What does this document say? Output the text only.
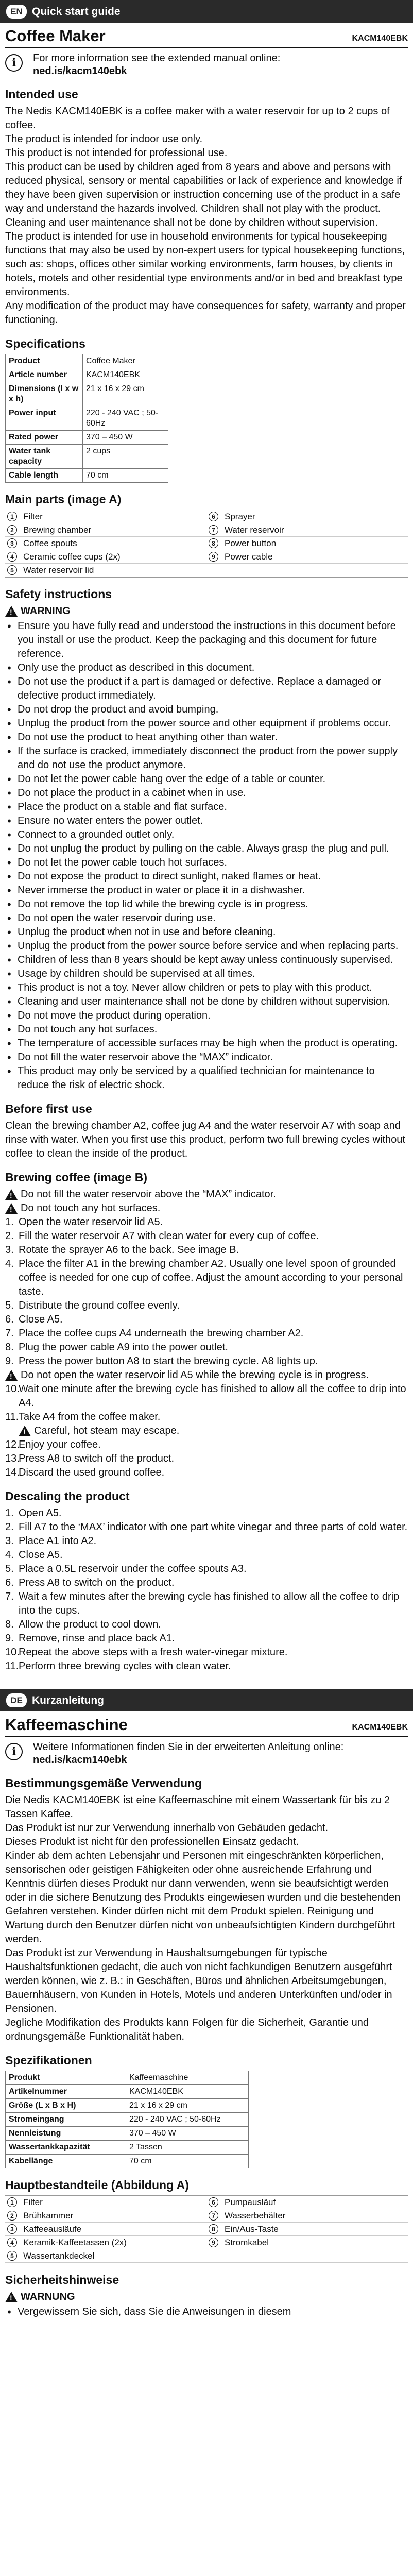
EN Quick start guide
Coffee Maker	KACM140EBK
i	For more information see the extended manual online:
ned.is/kacm140ebk
Intended use

The Nedis KACM140EBK is a coffee maker with a water reservoir for up to 2 cups of coffee.

The product is intended for indoor use only.

This product is not intended for professional use.

This product can be used by children aged from 8 years and above and persons with reduced physical, sensory or mental capabilities or lack of experience and knowledge if they have been given supervision or instruction concerning use of the product in a safe way and understand the hazards involved. Children shall not play with the product. Cleaning and user maintenance shall not be done by children without supervision.

The product is intended for use in household environments for typical housekeeping functions that may also be used by non-expert users for typical housekeeping functions, such as: shops, offices other similar working environments, farm houses, by clients in hotels, motels and other residential type environments and/or in bed and breakfast type environments.

Any modification of the product may have consequences for safety, warranty and proper functioning.

Specifications
Product	Coffee Maker
Article number	KACM140EBK
Dimensions (l x w x h)	21 x 16 x 29 cm
Power input	220 - 240 VAC ; 50-60Hz
Rated power	370 – 450 W
Water tank capacity	2 cups
Cable length	70 cm
Main parts (image A)
1	Filter	6	Sprayer
2	Brewing chamber	7	Water reservoir
3	Coffee spouts	8	Power button
4	Ceramic coffee cups (2x)	9	Power cable
5	Water reservoir lid
Safety instructions
!
WARNING
• Ensure you have fully read and understood the instructions in this document before you install or use the product. Keep the packaging and this document for future reference.
• Only use the product as described in this document.
• Do not use the product if a part is damaged or defective. Replace a damaged or defective product immediately.
• Do not drop the product and avoid bumping.
• Unplug the product from the power source and other equipment if problems occur.
• Do not use the product to heat anything other than water.
• If the surface is cracked, immediately disconnect the product from the power supply and do not use the product anymore.
• Do not let the power cable hang over the edge of a table or counter.
• Do not place the product in a cabinet when in use.
• Place the product on a stable and flat surface.
• Ensure no water enters the power outlet.
• Connect to a grounded outlet only.
• Do not unplug the product by pulling on the cable. Always grasp the plug and pull.
• Do not let the power cable touch hot surfaces.
• Do not expose the product to direct sunlight, naked flames or heat.
• Never immerse the product in water or place it in a dishwasher.
• Do not remove the top lid while the brewing cycle is in progress.
• Do not open the water reservoir during use.
• Unplug the product when not in use and before cleaning.
• Unplug the product from the power source before service and when replacing parts.
• Children of less than 8 years should be kept away unless continuously supervised.
• Usage by children should be supervised at all times.
• This product is not a toy. Never allow children or pets to play with this product.
• Cleaning and user maintenance shall not be done by children without supervision.
• Do not move the product during operation.
• Do not touch any hot surfaces.
• The temperature of accessible surfaces may be high when the product is operating.
• Do not fill the water reservoir above the “MAX” indicator.
• This product may only be serviced by a qualified technician for maintenance to reduce the risk of electric shock.
Before first use

Clean the brewing chamber A2, coffee jug A4 and the water reservoir A7 with soap and rinse with water. When you first use this product, perform two full brewing cycles without coffee to clean the inside of the product.

Brewing coffee (image B)
!
Do not fill the water reservoir above the “MAX” indicator.
!
Do not touch any hot surfaces.
1. Open the water reservoir lid A5.
2. Fill the water reservoir A7 with clean water for every cup of coffee.
3. Rotate the sprayer A6 to the back. See image B.
4. Place the filter A1 in the brewing chamber A2. Usually one level spoon of grounded coffee is needed for one cup of coffee. Adjust the amount according to your personal taste.
5. Distribute the ground coffee evenly.
6. Close A5.
7. Place the coffee cups A4 underneath the brewing chamber A2.
8. Plug the power cable A9 into the power outlet.
9. Press the power button A8 to start the brewing cycle. A8 lights up.
!
Do not open the water reservoir lid A5 while the brewing cycle is in progress.
10.
Wait one minute after the brewing cycle has finished to allow all the coffee to drip into A4.
11. Take A4 from the coffee maker.
!
Careful, hot steam may escape.
12.
Enjoy your coffee.
13.
Press A8 to switch off the product.
14.
Discard the used ground coffee.
Descaling the product
1. Open A5.
2. Fill A7 to the ‘MAX’ indicator with one part white vinegar and three parts of cold water.
3. Place A1 into A2.
4. Close A5.
5. Place a 0.5L reservoir under the coffee spouts A3.
6. Press A8 to switch on the product.
7. Wait a few minutes after the brewing cycle has finished to allow all the coffee to drip into the cups.
8. Allow the product to cool down.
9. Remove, rinse and place back A1.
10.
Repeat the above steps with a fresh water-vinegar mixture.
11. Perform three brewing cycles with clean water.
DE Kurzanleitung
Kaffeemaschine	KACM140EBK
i	Weitere Informationen finden Sie in der erweiterten Anleitung online:
ned.is/kacm140ebk
Bestimmungsgemäße Verwendung

Die Nedis KACM140EBK ist eine Kaffeemaschine mit einem Wassertank für bis zu 2 Tassen Kaffee.

Das Produkt ist nur zur Verwendung innerhalb von Gebäuden gedacht.

Dieses Produkt ist nicht für den professionellen Einsatz gedacht.

Kinder ab dem achten Lebensjahr und Personen mit eingeschränkten körperlichen, sensorischen oder geistigen Fähigkeiten oder ohne ausreichende Erfahrung und Kenntnis dürfen dieses Produkt nur dann verwenden, wenn sie beaufsichtigt werden oder in die sichere Benutzung des Produkts eingewiesen wurden und die bestehenden Gefahren verstehen. Kinder dürfen nicht mit dem Produkt spielen. Reinigung und Wartung durch den Benutzer dürfen nicht von unbeaufsichtigten Kindern durchgeführt werden.

Das Produkt ist zur Verwendung in Haushaltsumgebungen für typische Haushaltsfunktionen gedacht, die auch von nicht fachkundigen Benutzern ausgeführt werden können, wie z. B.: in Geschäften, Büros und ähnlichen Arbeitsumgebungen, Bauernhäusern, von Kunden in Hotels, Motels und anderen Unterkünften und/oder in Pensionen.

Jegliche Modifikation des Produkts kann Folgen für die Sicherheit, Garantie und ordnungsgemäße Funktionalität haben.

Spezifikationen
Produkt	Kaffeemaschine
Artikelnummer	KACM140EBK
Größe (L x B x H)	21 x 16 x 29 cm
Stromeingang	220 - 240 VAC ; 50-60Hz
Nennleistung	370 – 450 W
Wassertankkapazität	2 Tassen
Kabellänge	70 cm
Hauptbestandteile (Abbildung A)
1	Filter	6	Pumpausläuf
2	Brühkammer	7	Wasserbehälter
3	Kaffeeausläufe	8	Ein/Aus-Taste
4	Keramik-Kaffeetassen (2x)	9	Stromkabel
5	Wassertankdeckel
Sicherheitshinweise
!
WARNUNG
• Vergewissern Sie sich, dass Sie die Anweisungen in diesem
